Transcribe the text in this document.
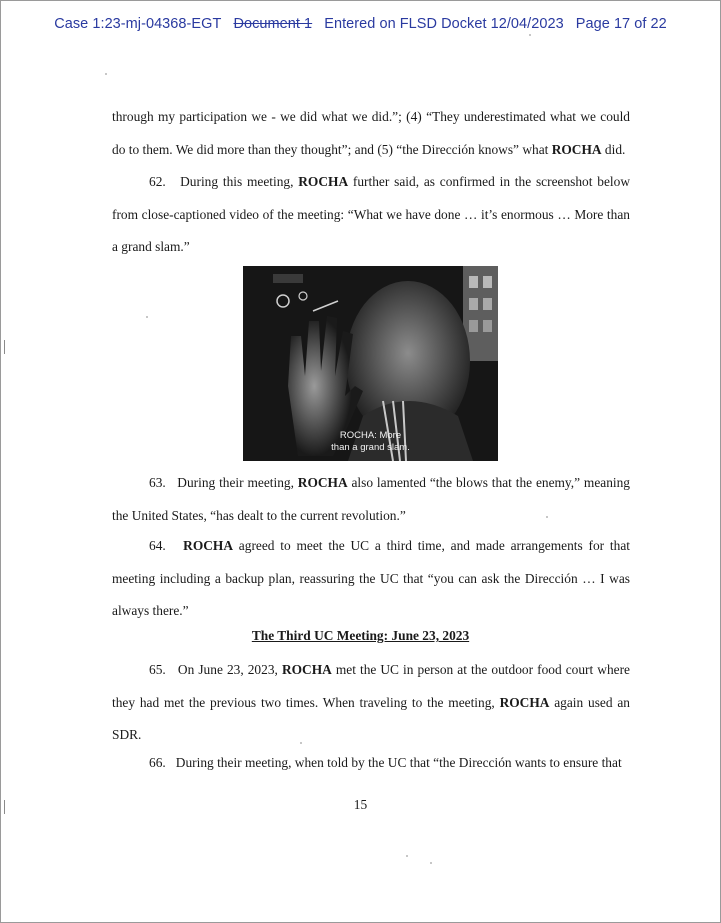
Case 1:23-mj-04368-EGT Document 1 Entered on FLSD Docket 12/04/2023 Page 17 of 22

through my participation we - we did what we did.”; (4) “They underestimated what we could do to them. We did more than they thought”; and (5) “the Dirección knows” what ROCHA did.

62. During this meeting, ROCHA further said, as confirmed in the screenshot below from close-captioned video of the meeting: “What we have done … it’s enormous … More than a grand slam.”

ROCHA: More
than a grand slam.

63. During their meeting, ROCHA also lamented “the blows that the enemy,” meaning the United States, “has dealt to the current revolution.”

64. ROCHA agreed to meet the UC a third time, and made arrangements for that meeting including a backup plan, reassuring the UC that “you can ask the Dirección … I was always there.”

The Third UC Meeting: June 23, 2023

65. On June 23, 2023, ROCHA met the UC in person at the outdoor food court where they had met the previous two times. When traveling to the meeting, ROCHA again used an SDR.

66. During their meeting, when told by the UC that “the Dirección wants to ensure that

15
